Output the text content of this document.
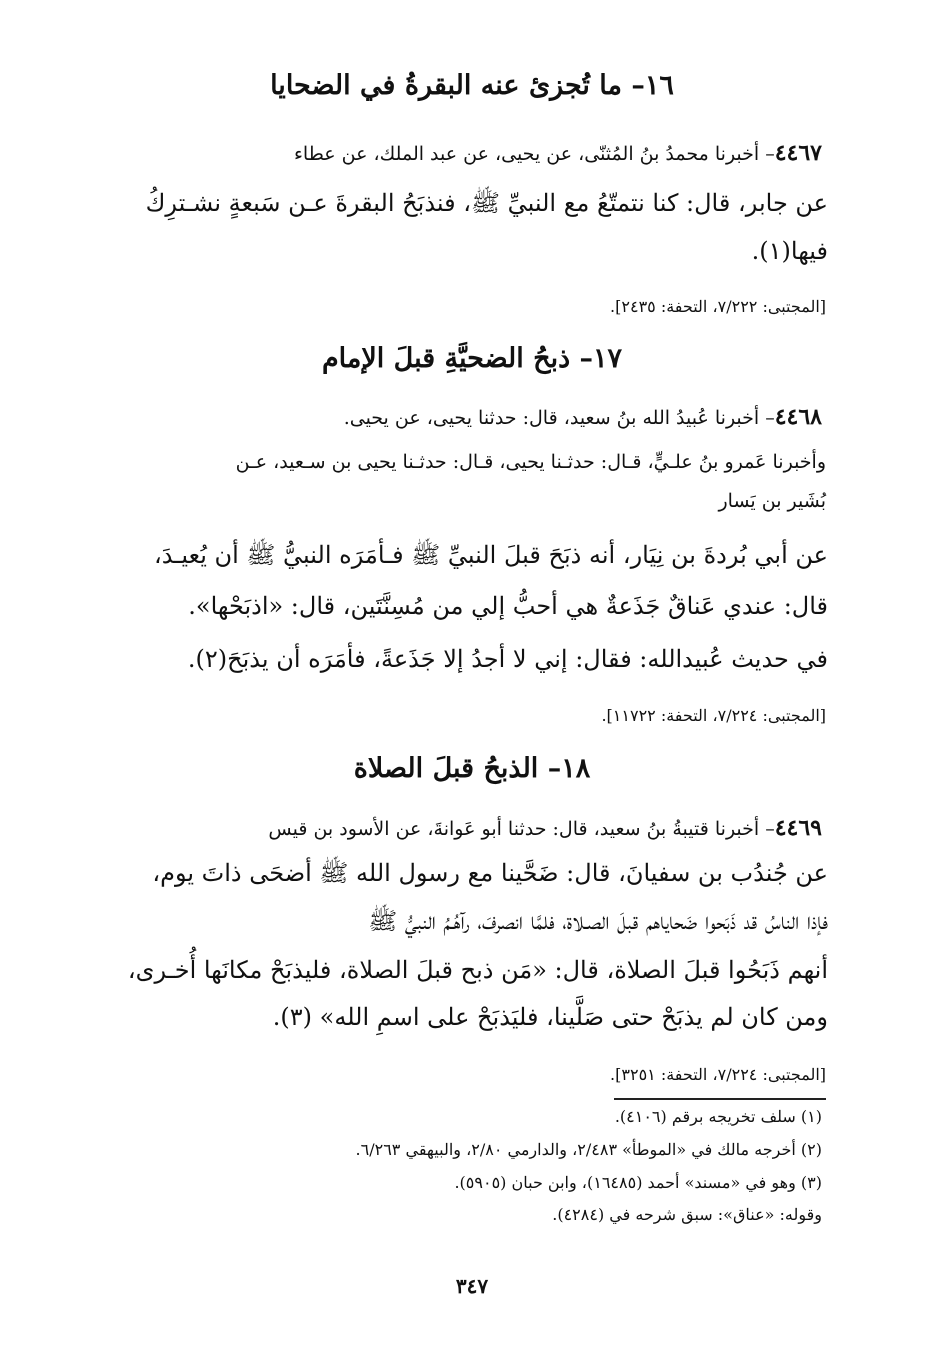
١٦– ما تُجزئ عنه البقرةُ في الضحايا
٤٤٦٧– أخبرنا محمدُ بنُ المُثنّى، عن يحيى، عن عبد الملك، عن عطاء
عن جابر، قال: كنا نتمتّعُ مع النبيِّ ﷺ، فنذبَحُ البقرةَ عـن سَبعةٍ نشـترِكُ
فيها(١).
[المجتبى: ٧/٢٢٢، التحفة: ٢٤٣٥].
١٧– ذبحُ الضحيَّةِ قبلَ الإمام
٤٤٦٨– أخبرنا عُبيدُ الله بنُ سعيد، قال: حدثنا يحيى، عن يحيى.
وأخبرنا عَمرو بنُ علـيٍّ، قـال: حدثـنا يحيى، قـال: حدثـنا يحيى بن سـعيد، عـن
بُشَير بن يَسار
عن أبي بُردةَ بن نِيَار، أنه ذبَحَ قبلَ النبيِّ ﷺ فـأمَرَه النبيُّ ﷺ أن يُعيـدَ،
قال: عندي عَناقٌ جَذَعةٌ هي أحبُّ إلي من مُسِنَّتَين، قال: «اذبَحْها».
في حديث عُبيدالله: فقال: إني لا أجدُ إلا جَذَعةً، فأمَرَه أن يذبَحَ(٢).
[المجتبى: ٧/٢٢٤، التحفة: ١١٧٢٢].
١٨– الذبحُ قبلَ الصلاة
٤٤٦٩– أخبرنا قتيبةُ بنُ سعيد، قال: حدثنا أبو عَوانةَ، عن الأسود بن قيس
عن جُندُب بن سفيانَ، قال: ضَحَّينا مع رسول الله ﷺ أضحَى ذاتَ يوم،
فإذا الناسُ قد ذَبَحوا ضَحاياهم قبلَ الصـلاة، فلمَّا انصرفَ، رآهُـمُ النبيُّ ﷺ
أنهم ذَبَحُوا قبلَ الصلاة، قال: «مَن ذبح قبلَ الصلاة، فليذبَحْ مكانَها أُخـرى،
ومن كان لم يذبَحْ حتى صَلَّينا، فليَذبَحْ على اسمِ الله» (٣).
[المجتبى: ٧/٢٢٤، التحفة: ٣٢٥١].
(١) سلف تخريجه برقم (٤١٠٦).
(٢) أخرجه مالك في «الموطأ» ٢/٤٨٣، والدارمي ٢/٨٠، والبيهقي ٦/٢٦٣.
(٣) وهو في «مسند» أحمد (١٦٤٨٥)، وابن حبان (٥٩٠٥).
وقوله: «عناق»: سبق شرحه في (٤٢٨٤).
٣٤٧
